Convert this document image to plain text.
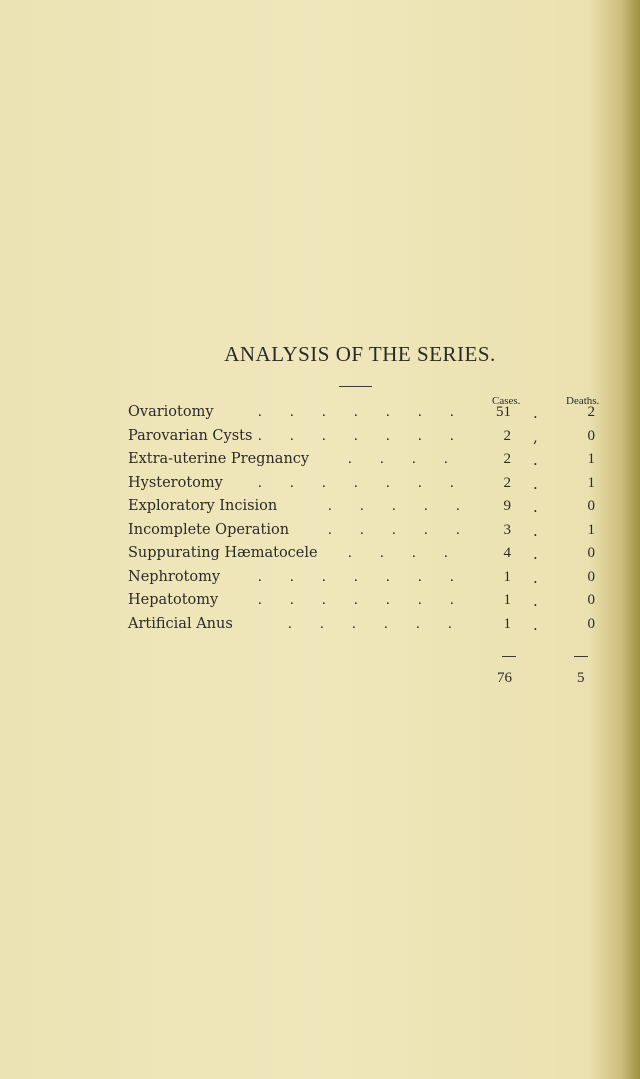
ANALYSIS OF THE SERIES.
Cases.	Deaths.
Ovariotomy	. . . . . . .	51 .	2
Parovarian Cysts . . . . . . .	2 ,	0
Extra-uterine Pregnancy	. . . .	2 .	1
Hysterotomy . . . . . . .	2 .	1
Exploratory Incision	. . . . .	9 .	0
Incomplete Operation	. . . . .	3 .	1
Suppurating Hæmatocele . . . .	4 .	0
Nephrotomy	. . . . . . .	1 .	0
Hepatotomy	. . . . . . .	1 .	0
Artificial Anus	. . . . . .	1 .	0
76	5
